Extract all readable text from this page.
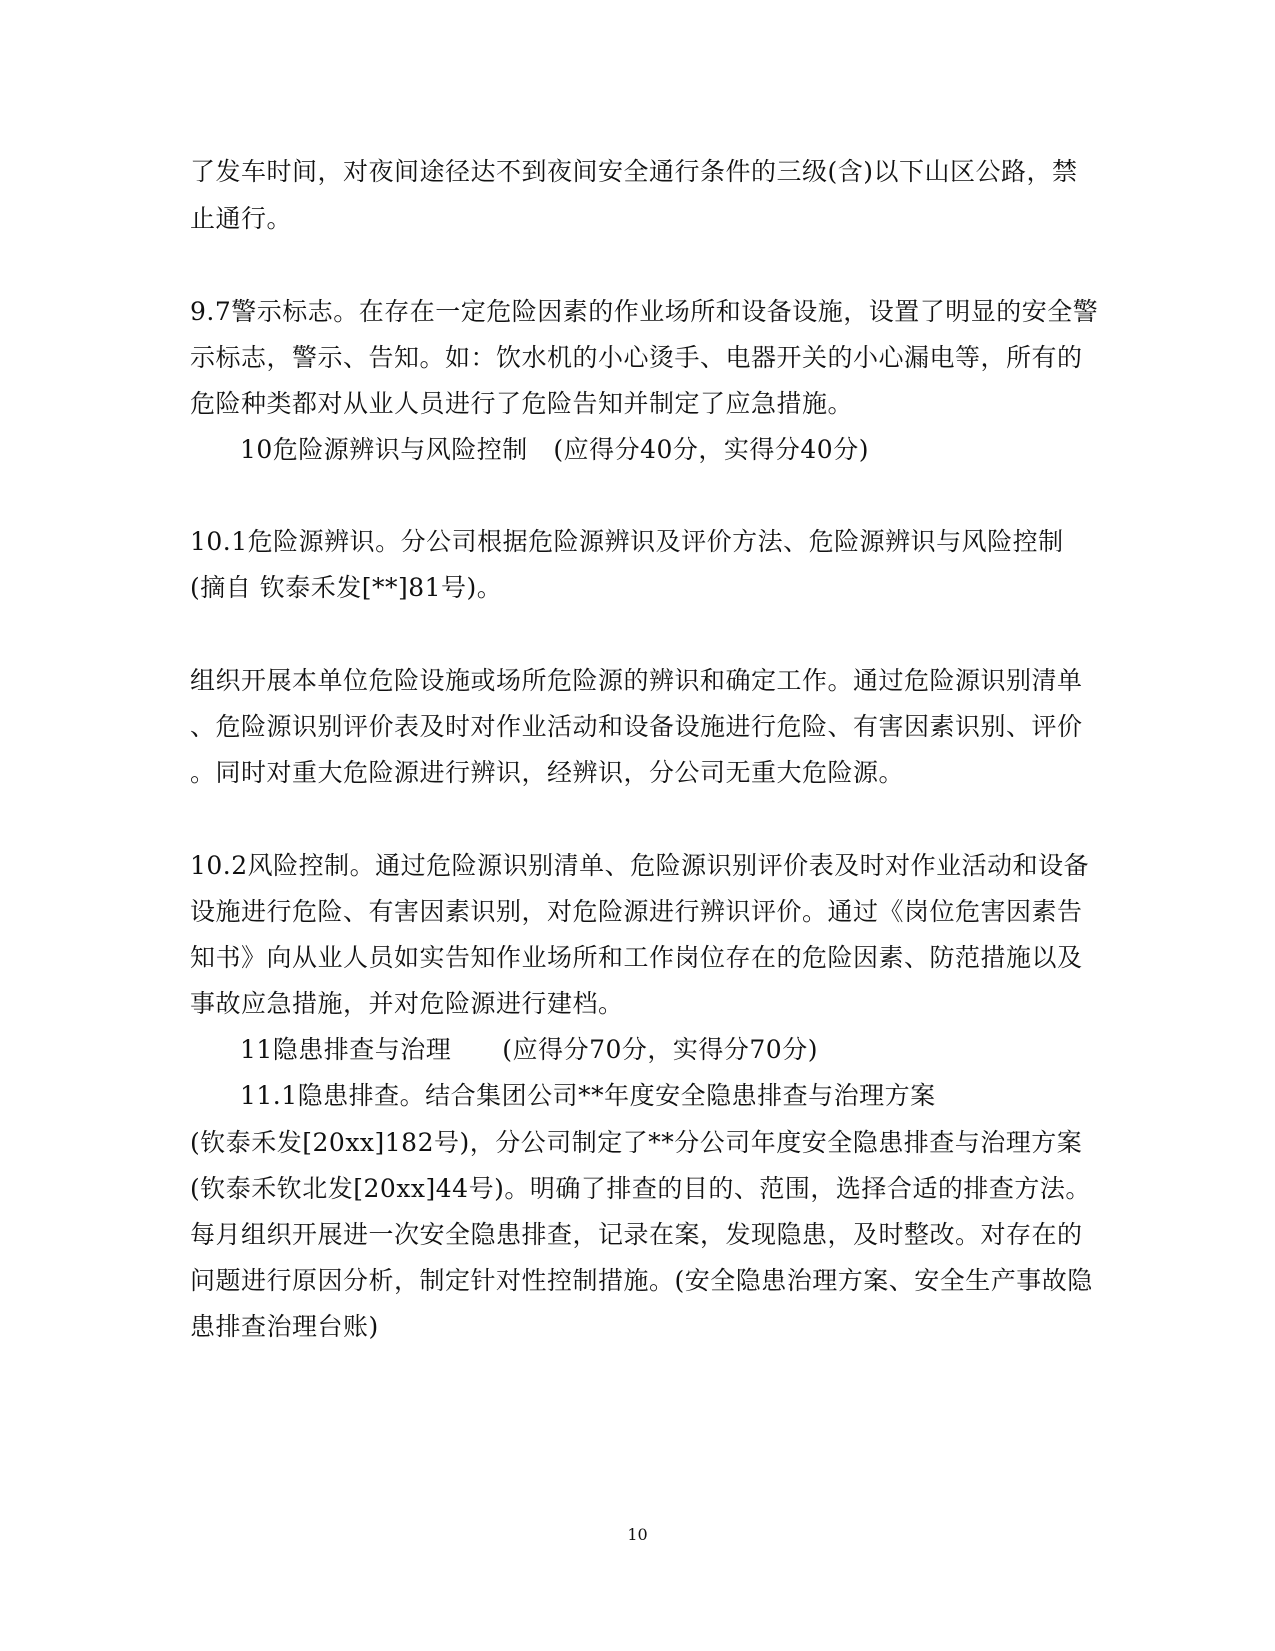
了发车时间，对夜间途径达不到夜间安全通行条件的三级(含)以下山区公路，禁
止通行。
9.7警示标志。在存在一定危险因素的作业场所和设备设施，设置了明显的安全警
示标志，警示、告知。如：饮水机的小心烫手、电器开关的小心漏电等，所有的
危险种类都对从业人员进行了危险告知并制定了应急措施。
10危险源辨识与风险控制　(应得分40分，实得分40分)
10.1危险源辨识。分公司根据危险源辨识及评价方法、危险源辨识与风险控制
(摘自 钦泰禾发[**]81号)。
组织开展本单位危险设施或场所危险源的辨识和确定工作。通过危险源识别清单
、危险源识别评价表及时对作业活动和设备设施进行危险、有害因素识别、评价
。同时对重大危险源进行辨识，经辨识，分公司无重大危险源。
10.2风险控制。通过危险源识别清单、危险源识别评价表及时对作业活动和设备
设施进行危险、有害因素识别，对危险源进行辨识评价。通过《岗位危害因素告
知书》向从业人员如实告知作业场所和工作岗位存在的危险因素、防范措施以及
事故应急措施，并对危险源进行建档。
11隐患排查与治理　　(应得分70分，实得分70分)
11.1隐患排查。结合集团公司**年度安全隐患排查与治理方案
(钦泰禾发[20xx]182号)，分公司制定了**分公司年度安全隐患排查与治理方案
(钦泰禾钦北发[20xx]44号)。明确了排查的目的、范围，选择合适的排查方法。
每月组织开展进一次安全隐患排查，记录在案，发现隐患，及时整改。对存在的
问题进行原因分析，制定针对性控制措施。(安全隐患治理方案、安全生产事故隐
患排查治理台账)
10
